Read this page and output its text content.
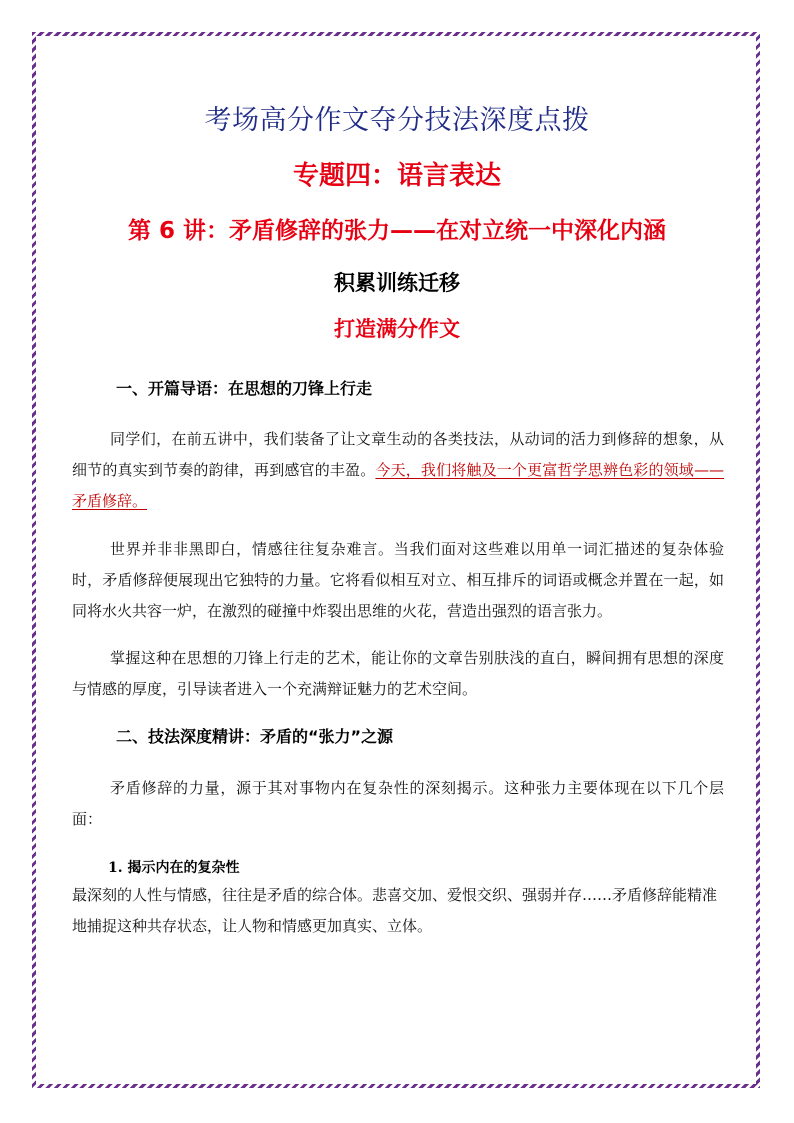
考场高分作文夺分技法深度点拨
专题四：语言表达
第 6 讲：矛盾修辞的张力——在对立统一中深化内涵
积累训练迁移
打造满分作文
一、开篇导语：在思想的刀锋上行走
同学们，在前五讲中，我们装备了让文章生动的各类技法，从动词的活力到修辞的想象，从细节的真实到节奏的韵律，再到感官的丰盈。今天，我们将触及一个更富哲学思辨色彩的领域——矛盾修辞。
世界并非非黑即白，情感往往复杂难言。当我们面对这些难以用单一词汇描述的复杂体验时，矛盾修辞便展现出它独特的力量。它将看似相互对立、相互排斥的词语或概念并置在一起，如同将水火共容一炉，在激烈的碰撞中炸裂出思维的火花，营造出强烈的语言张力。
掌握这种在思想的刀锋上行走的艺术，能让你的文章告别肤浅的直白，瞬间拥有思想的深度与情感的厚度，引导读者进入一个充满辩证魅力的艺术空间。
二、技法深度精讲：矛盾的“张力”之源
矛盾修辞的力量，源于其对事物内在复杂性的深刻揭示。这种张力主要体现在以下几个层面：
1. 揭示内在的复杂性
最深刻的人性与情感，往往是矛盾的综合体。悲喜交加、爱恨交织、强弱并存……矛盾修辞能精准地捕捉这种共存状态，让人物和情感更加真实、立体。
